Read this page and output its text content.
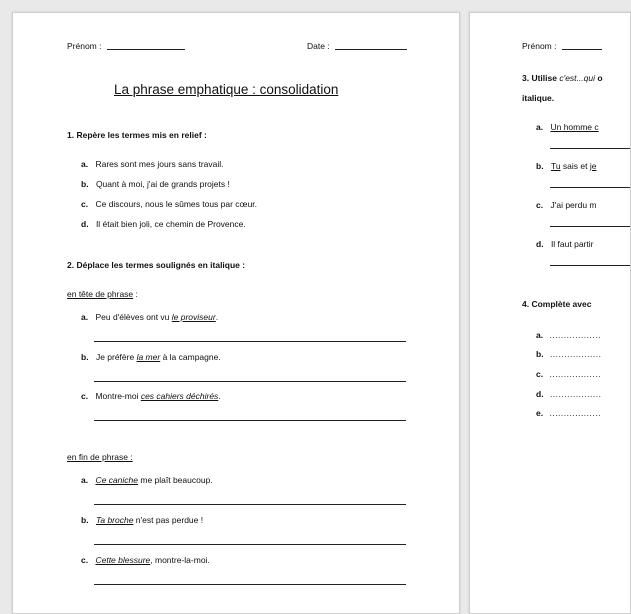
Prénom :	Date :
La phrase emphatique : consolidation
1. Repère les termes mis en relief :
a. Rares sont mes jours sans travail.
b. Quant à moi, j'ai de grands projets !
c. Ce discours, nous le sûmes tous par cœur.
d. Il était bien joli, ce chemin de Provence.
2. Déplace les termes soulignés en italique :
en tête de phrase :
a. Peu d'élèves ont vu le proviseur.
b. Je préfère la mer à la campagne.
c. Montre-moi ces cahiers déchirés.
en fin de phrase :
a. Ce caniche me plaît beaucoup.
b. Ta broche n'est pas perdue !
c. Cette blessure, montre-la-moi.
Prénom :
3. Utilise c'est...qui o
italique.
a. Un homme c
b. Tu sais et je
c. J'ai perdu m
d. Il faut partir
4. Complète avec
a. ..................
b. ..................
c. ..................
d. ..................
e. ..................
